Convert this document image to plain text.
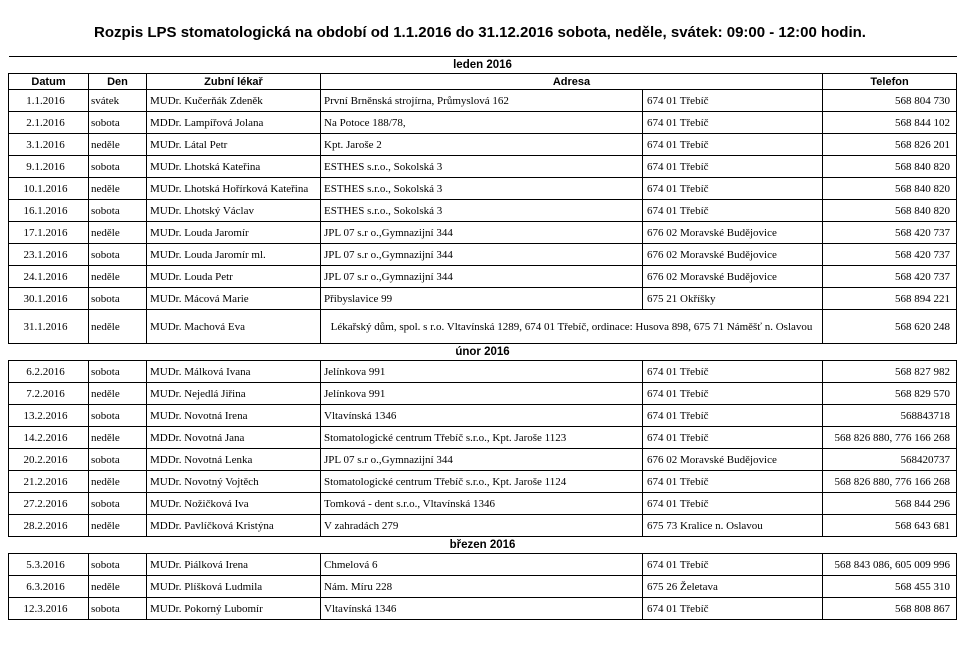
Rozpis LPS stomatologická na období od 1.1.2016 do 31.12.2016 sobota, neděle, svátek: 09:00 - 12:00 hodin.
leden 2016					
Datum	Den	Zubní lékař	Adresa		Telefon
1.1.2016	svátek	MUDr. Kučerňák Zdeněk	První Brněnská strojírna, Průmyslová 162	674 01 Třebíč	568 804 730
2.1.2016	sobota	MDDr. Lampířová Jolana	Na Potoce 188/78,	674 01 Třebíč	568 844 102
3.1.2016	neděle	MUDr. Látal Petr	Kpt. Jaroše 2	674 01 Třebíč	568 826 201
9.1.2016	sobota	MUDr. Lhotská Kateřina	ESTHES s.r.o., Sokolská 3	674 01 Třebíč	568 840 820
10.1.2016	neděle	MUDr. Lhotská Hořírková Kateřina	ESTHES s.r.o., Sokolská 3	674 01 Třebíč	568 840 820
16.1.2016	sobota	MUDr. Lhotský Václav	ESTHES s.r.o., Sokolská 3	674 01 Třebíč	568 840 820
17.1.2016	neděle	MUDr. Louda Jaromír	JPL 07 s.r o.,Gymnazijní 344	676 02 Moravské Budějovice	568 420 737
23.1.2016	sobota	MUDr. Louda Jaromír ml.	JPL 07 s.r o.,Gymnazijní 344	676 02 Moravské Budějovice	568 420 737
24.1.2016	neděle	MUDr. Louda Petr	JPL 07 s.r o.,Gymnazijní 344	676 02 Moravské Budějovice	568 420 737
30.1.2016	sobota	MUDr. Mácová Marie	Přibyslavice 99	675 21 Okříšky	568 894 221
31.1.2016	neděle	MUDr. Machová Eva	Lékařský dům, spol. s r.o. Vltavínská 1289, 674 01 Třebíč, ordinace: Husova 898, 675 71 Náměšť n. Oslavou		568 620 248
únor 2016					
6.2.2016	sobota	MUDr. Málková Ivana	Jelínkova 991	674 01 Třebíč	568 827 982
7.2.2016	neděle	MUDr. Nejedlá Jiřina	Jelínkova 991	674 01 Třebíč	568 829 570
13.2.2016	sobota	MUDr. Novotná Irena	Vltavínská 1346	674 01 Třebíč	568843718
14.2.2016	neděle	MDDr. Novotná Jana	Stomatologické centrum Třebíč s.r.o., Kpt. Jaroše 1123	674 01 Třebíč	568 826 880, 776 166 268
20.2.2016	sobota	MDDr. Novotná Lenka	JPL 07 s.r o.,Gymnazijní 344	676 02 Moravské Budějovice	568420737
21.2.2016	neděle	MUDr. Novotný Vojtěch	Stomatologické centrum Třebíč s.r.o., Kpt. Jaroše 1124	674 01 Třebíč	568 826 880, 776 166 268
27.2.2016	sobota	MUDr. Nožičková Iva	Tomková - dent s.r.o., Vltavínská 1346	674 01 Třebíč	568 844 296
28.2.2016	neděle	MDDr. Pavlíčková Kristýna	V zahradách 279	675 73 Kralice n. Oslavou	568 643 681
březen 2016					
5.3.2016	sobota	MUDr. Piálková Irena	Chmelová 6	674 01 Třebíč	568 843 086, 605 009 996
6.3.2016	neděle	MUDr. Plíšková Ludmila	Nám. Míru 228	675 26 Želetava	568 455 310
12.3.2016	sobota	MUDr. Pokorný Lubomír	Vltavínská 1346	674 01 Třebíč	568 808 867
